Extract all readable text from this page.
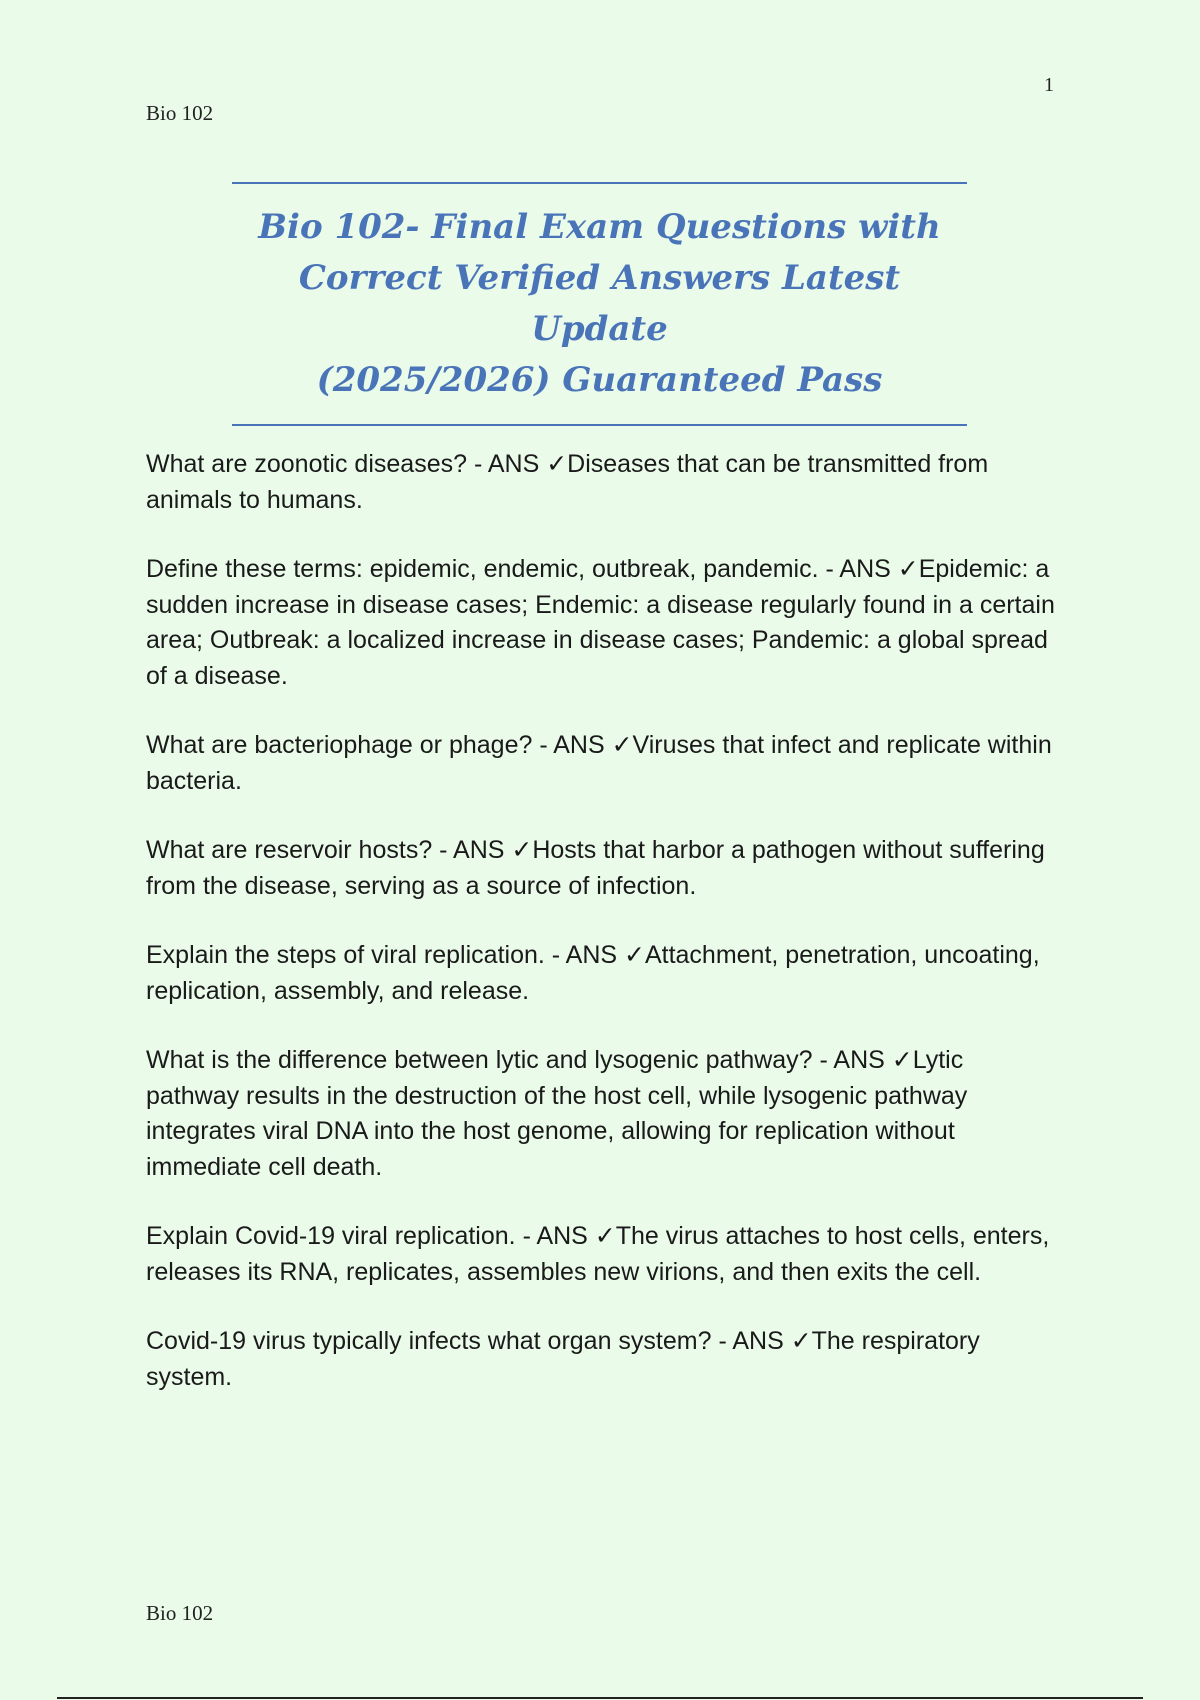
1
Bio 102
Bio 102- Final Exam Questions with
Correct Verified Answers Latest Update
(2025/2026) Guaranteed Pass

What are zoonotic diseases? - ANS ✓Diseases that can be transmitted from animals to humans.

Define these terms: epidemic, endemic, outbreak, pandemic. - ANS ✓Epidemic: a sudden increase in disease cases; Endemic: a disease regularly found in a certain area; Outbreak: a localized increase in disease cases; Pandemic: a global spread of a disease.

What are bacteriophage or phage? - ANS ✓Viruses that infect and replicate within bacteria.

What are reservoir hosts? - ANS ✓Hosts that harbor a pathogen without suffering from the disease, serving as a source of infection.

Explain the steps of viral replication. - ANS ✓Attachment, penetration, uncoating, replication, assembly, and release.

What is the difference between lytic and lysogenic pathway? - ANS ✓Lytic pathway results in the destruction of the host cell, while lysogenic pathway integrates viral DNA into the host genome, allowing for replication without immediate cell death.

Explain Covid-19 viral replication. - ANS ✓The virus attaches to host cells, enters, releases its RNA, replicates, assembles new virions, and then exits the cell.

Covid-19 virus typically infects what organ system? - ANS ✓The respiratory system.

Bio 102
